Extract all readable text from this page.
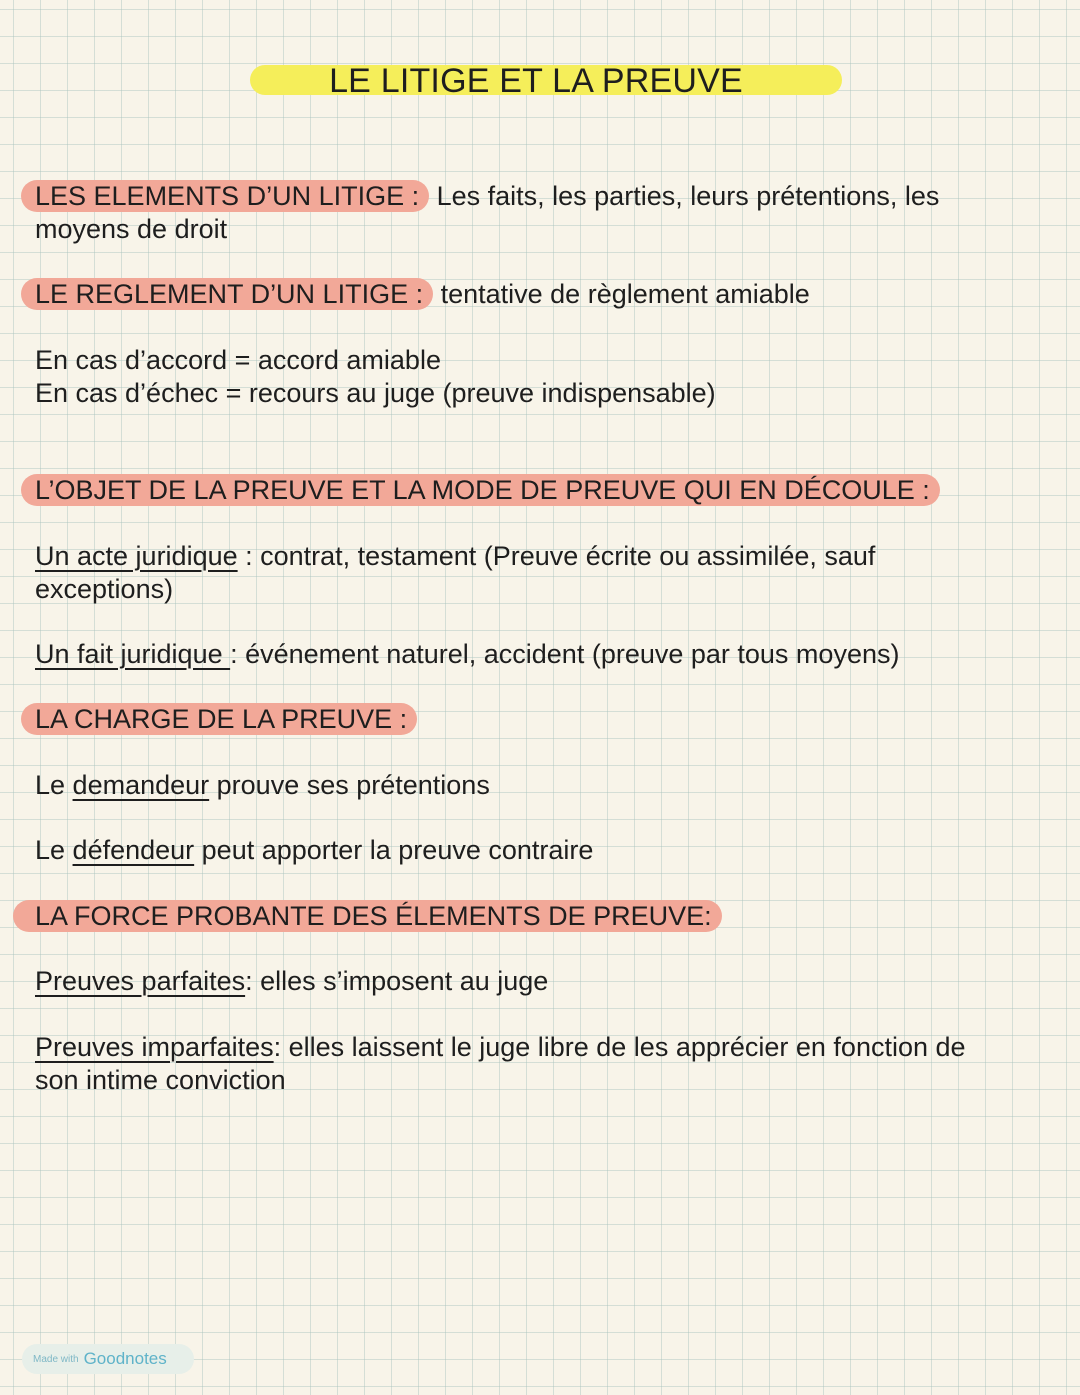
LE LITIGE ET LA PREUVE
LES ELEMENTS D’UN LITIGE : Les faits, les parties, leurs prétentions, les
moyens de droit
LE REGLEMENT D’UN LITIGE : tentative de règlement amiable
En cas d’accord = accord amiable
En cas d’échec = recours au juge (preuve indispensable)
L’OBJET DE LA PREUVE ET LA MODE DE PREUVE QUI EN DÉCOULE :
Un acte juridique : contrat, testament (Preuve écrite ou assimilée, sauf
exceptions)
Un fait juridique : événement naturel, accident (preuve par tous moyens)
LA CHARGE DE LA PREUVE :
Le demandeur prouve ses prétentions
Le défendeur peut apporter la preuve contraire
LA FORCE PROBANTE DES ÉLEMENTS DE PREUVE:
Preuves parfaites: elles s’imposent au juge
Preuves imparfaites: elles laissent le juge libre de les apprécier en fonction de
son intime conviction
Made with Goodnotes
